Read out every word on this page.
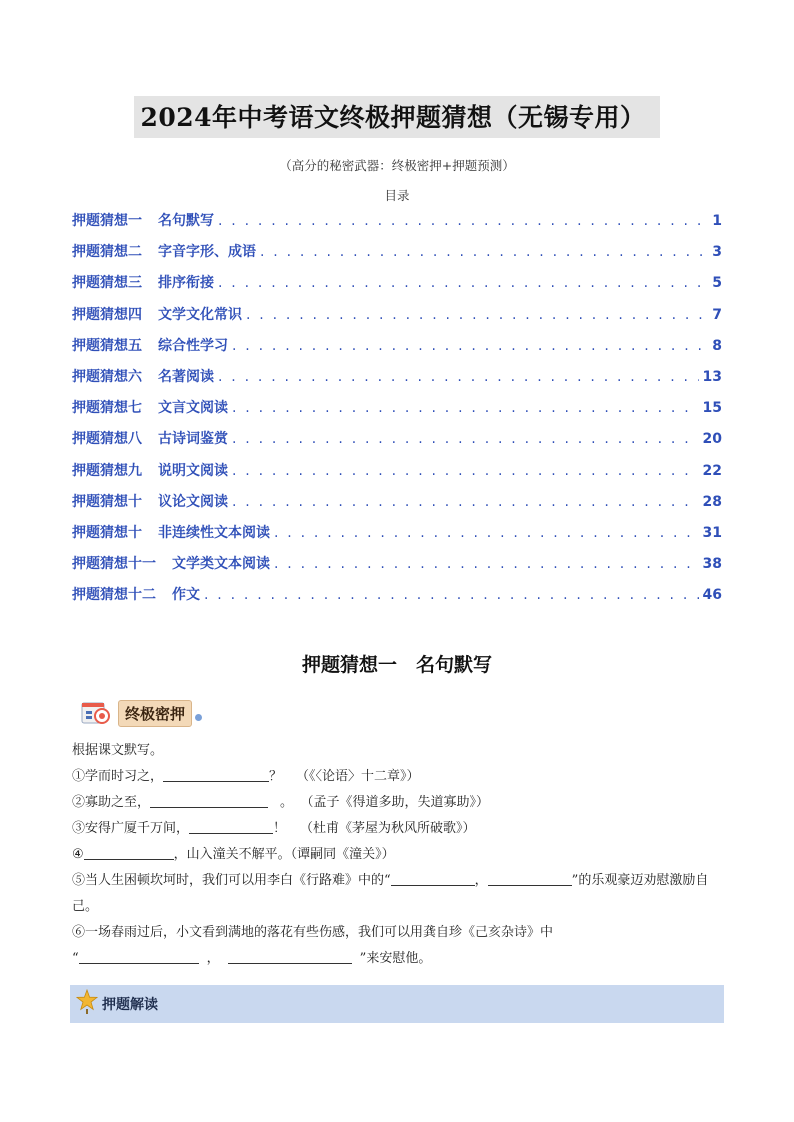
2024年中考语文终极押题猜想（无锡专用）
（高分的秘密武器：终极密押+押题预测）
目录
押题猜想一 名句默写 . . .	1
押题猜想二 字音字形、成语 . . .	3
押题猜想三 排序衔接 . . .	5
押题猜想四 文学文化常识 . . .	7
押题猜想五 综合性学习 . . .	8
押题猜想六 名著阅读 . . .	13
押题猜想七 文言文阅读 . . .	15
押题猜想八 古诗词鉴赏 . . .	20
押题猜想九 说明文阅读 . . .	22
押题猜想十 议论文阅读 . . .	28
押题猜想十 非连续性文本阅读 . . .	31
押题猜想十一 文学类文本阅读 . . .	38
押题猜想十二 作文 . . .	46
押题猜想一　名句默写
终极密押
根据课文默写。
①学而时习之，	？ （《〈论语〉十二章》）
②寡助之至，	。 （孟子《得道多助，失道寡助》）
③安得广厦千万间，	！ （杜甫《茅屋为秋风所破歌》）
④	，山入潼关不解平。（谭嗣同《潼关》）
⑤当人生困顿坎坷时，我们可以用李白《行路难》中的“	，	”的乐观豪迈劝慰激励自己。
⑥一场春雨过后，小文看到满地的落花有些伤感，我们可以用龚自珍《己亥杂诗》中
“	，	”来安慰他。
押题解读
